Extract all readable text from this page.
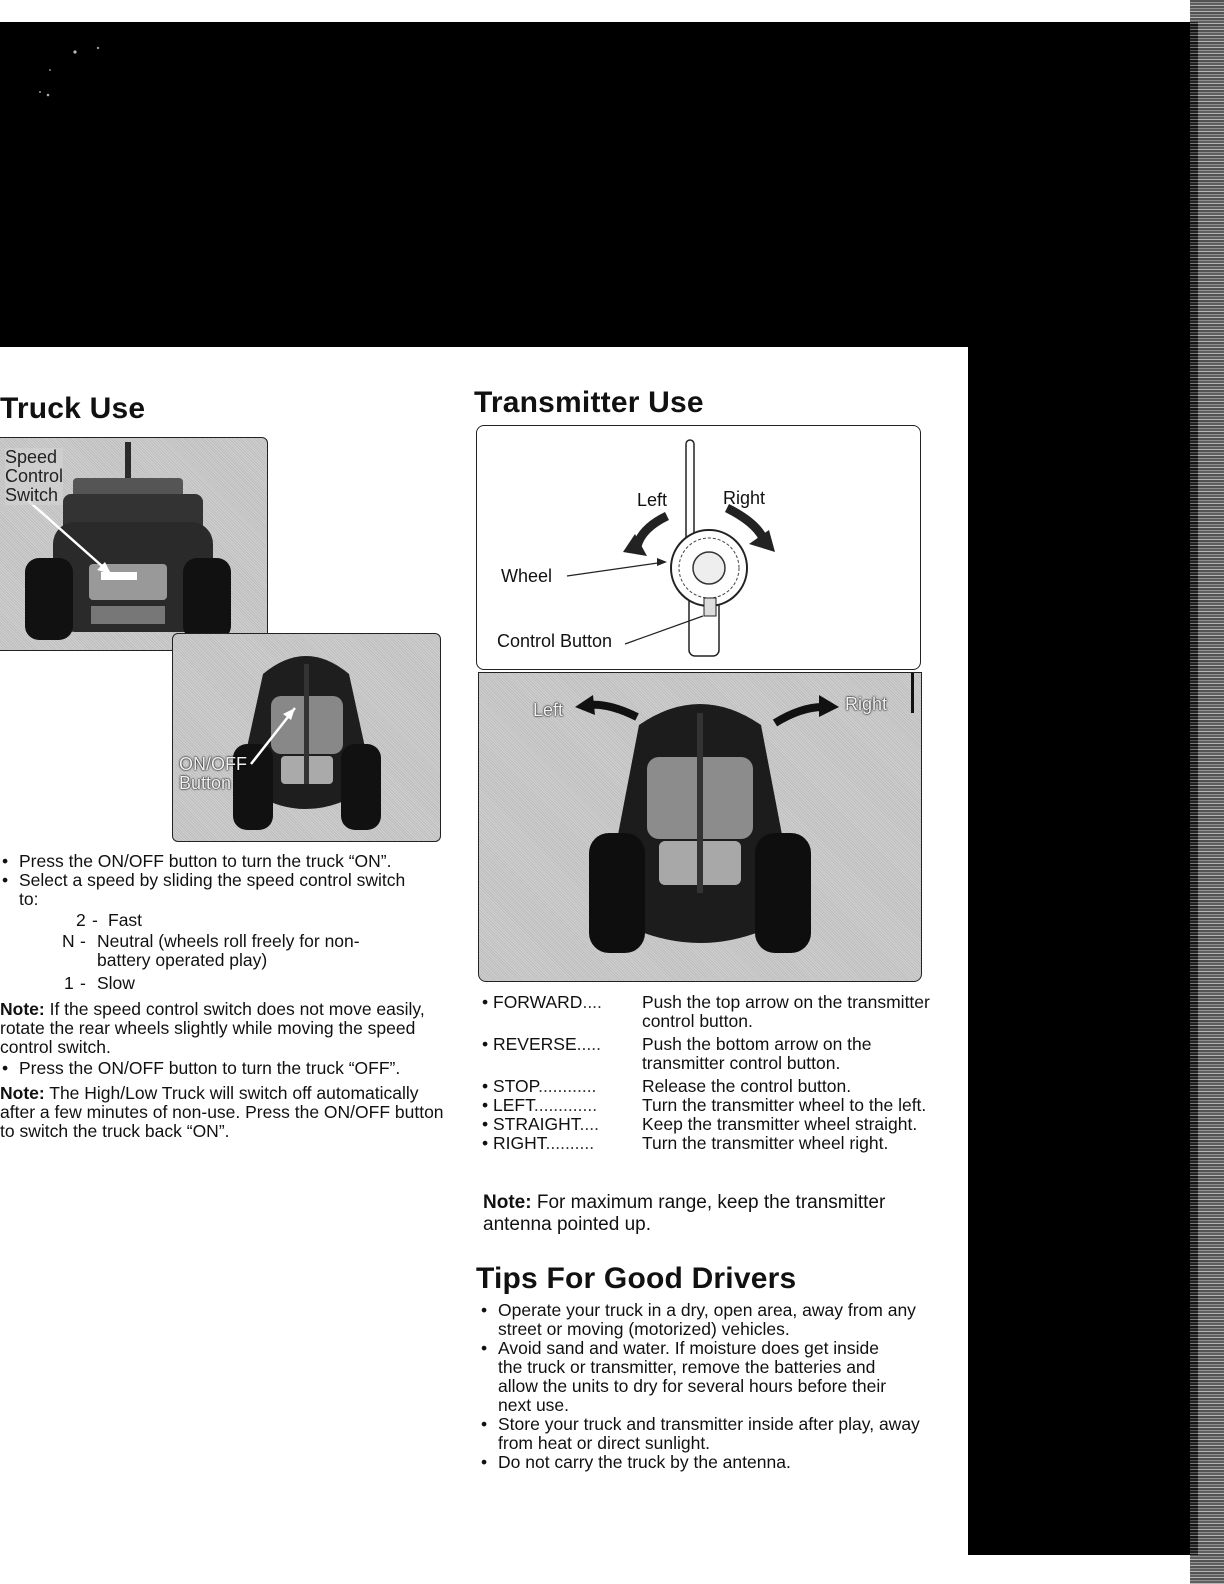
Truck Use
Speed
Control
Switch
ON/OFF
Button
• Press the ON/OFF button to turn the truck “ON”.
• Select a speed by sliding the speed control switch to:
2 - Fast
N - Neutral (wheels roll freely for non-battery operated play)
1 - Slow

Note: If the speed control switch does not move easily, rotate the rear wheels slightly while moving the speed control switch.

• Press the ON/OFF button to turn the truck “OFF”.

Note: The High/Low Truck will switch off automatically after a few minutes of non-use. Press the ON/OFF button to switch the truck back “ON”.

Transmitter Use
Left	Right
Wheel
Control Button
Left	Right
• FORWARD....	Push the top arrow on the transmitter control button.
• REVERSE.....	Push the bottom arrow on the transmitter control button.
• STOP............	Release the control button.
• LEFT.............	Turn the transmitter wheel to the left.
• STRAIGHT....	Keep the transmitter wheel straight.
• RIGHT..........	Turn the transmitter wheel right.

Note: For maximum range, keep the transmitter antenna pointed up.

Tips For Good Drivers
• Operate your truck in a dry, open area, away from any street or moving (motorized) vehicles.
• Avoid sand and water. If moisture does get inside the truck or transmitter, remove the batteries and allow the units to dry for several hours before their next use.
• Store your truck and transmitter inside after play, away from heat or direct sunlight.
• Do not carry the truck by the antenna.
